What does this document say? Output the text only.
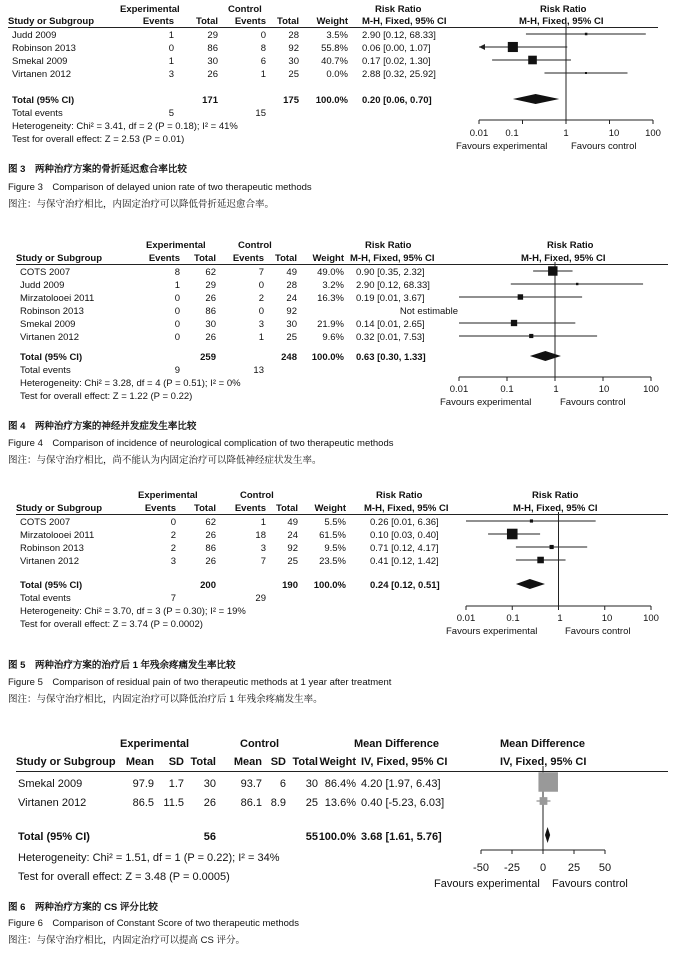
Experimental	Control	Risk Ratio	Risk Ratio
Study or Subgroup	Events	Total	Events	Total	Weight M-H, Fixed, 95% CI	M-H, Fixed, 95% CI
Judd 2009	1	29	0	28	3.5% 2.90 [0.12, 68.33]
Robinson 2013	0	86	8	92	55.8% 0.06 [0.00, 1.07]
Smekal 2009	1	30	6	30	40.7% 0.17 [0.02, 1.30]
Virtanen 2012	3	26	1	25	0.0% 2.88 [0.32, 25.92]
Total (95% CI)	171	175	100.0% 0.20 [0.06, 0.70]
Total events	5	15
Heterogeneity: Chi² = 3.41, df = 2 (P = 0.18); I² = 41%
Test for overall effect: Z = 2.53 (P = 0.01)
0.01	0.1	1	10	100
Favours experimental Favours control
图 3　两种治疗方案的骨折延迟愈合率比较
Figure 3　Comparison of delayed union rate of two therapeutic methods
图注：与保守治疗相比，内固定治疗可以降低骨折延迟愈合率。
Experimental	Control	Risk Ratio	Risk Ratio
Study or Subgroup	Events	Total	Events	Total	Weight M-H, Fixed, 95% CI	M-H, Fixed, 95% CI
COTS 2007	8	62	7	49	49.0% 0.90 [0.35, 2.32]
Judd 2009	1	29	0	28	3.2% 2.90 [0.12, 68.33]
Mirzatolooei 2011	0	26	2	24	16.3% 0.19 [0.01, 3.67]
Robinson 2013	0	86	0	92	Not estimable
Smekal 2009	0	30	3	30	21.9% 0.14 [0.01, 2.65]
Virtanen 2012	0	26	1	25	9.6% 0.32 [0.01, 7.53]
Total (95% CI)	259	248	100.0% 0.63 [0.30, 1.33]
Total events	9	13
Heterogeneity: Chi² = 3.28, df = 4 (P = 0.51); I² = 0%
Test for overall effect: Z = 1.22 (P = 0.22)
0.01	0.1	1	10	100
Favours experimental	Favours control
图 4　两种治疗方案的神经并发症发生率比较
Figure 4　Comparison of incidence of neurological complication of two therapeutic methods
图注：与保守治疗相比，尚不能认为内固定治疗可以降低神经症状发生率。
Experimental	Control	Risk Ratio	Risk Ratio
Study or Subgroup	Events	Total	Events	Total	Weight M-H, Fixed, 95% CI	M-H, Fixed, 95% CI
COTS 2007	0	62	1	49	5.5%	0.26 [0.01, 6.36]
Mirzatolooei 2011	2	26	18	24	61.5%	0.10 [0.03, 0.40]
Robinson 2013	2	86	3	92	9.5%	0.71 [0.12, 4.17]
Virtanen 2012	3	26	7	25	23.5%	0.41 [0.12, 1.42]
Total (95% CI)	200	190	100.0%	0.24 [0.12, 0.51]
Total events	7	29
Heterogeneity: Chi² = 3.70, df = 3 (P = 0.30); I² = 19%
Test for overall effect: Z = 3.74 (P = 0.0002)
0.01	0.1	1	10	100
Favours experimental	Favours control
图 5　两种治疗方案的治疗后 1 年残余疼痛发生率比较
Figure 5　Comparison of residual pain of two therapeutic methods at 1 year after treatment
图注：与保守治疗相比，内固定治疗可以降低治疗后 1 年残余疼痛发生率。
Experimental	Control	Mean Difference	Mean Difference
Study or Subgroup Mean	SD Total	Mean SD Total Weight IV, Fixed, 95% CI	IV, Fixed, 95% CI
Smekal 2009	97.9	1.7	30	93.7	6	30 86.4% 4.20 [1.97, 6.43]
Virtanen 2012	86.5 11.5	26	86.1 8.9	25 13.6% 0.40 [-5.23, 6.03]
Total (95% CI)	56	55 100.0% 3.68 [1.61, 5.76]
Heterogeneity: Chi² = 1.51, df = 1 (P = 0.22); I² = 34%
Test for overall effect: Z = 3.48 (P = 0.0005)
-50	-25	0	25	50
Favours experimental Favours control
图 6　两种治疗方案的 CS 评分比较
Figure 6　Comparison of Constant Score of two therapeutic methods
图注：与保守治疗相比，内固定治疗可以提高 CS 评分。
